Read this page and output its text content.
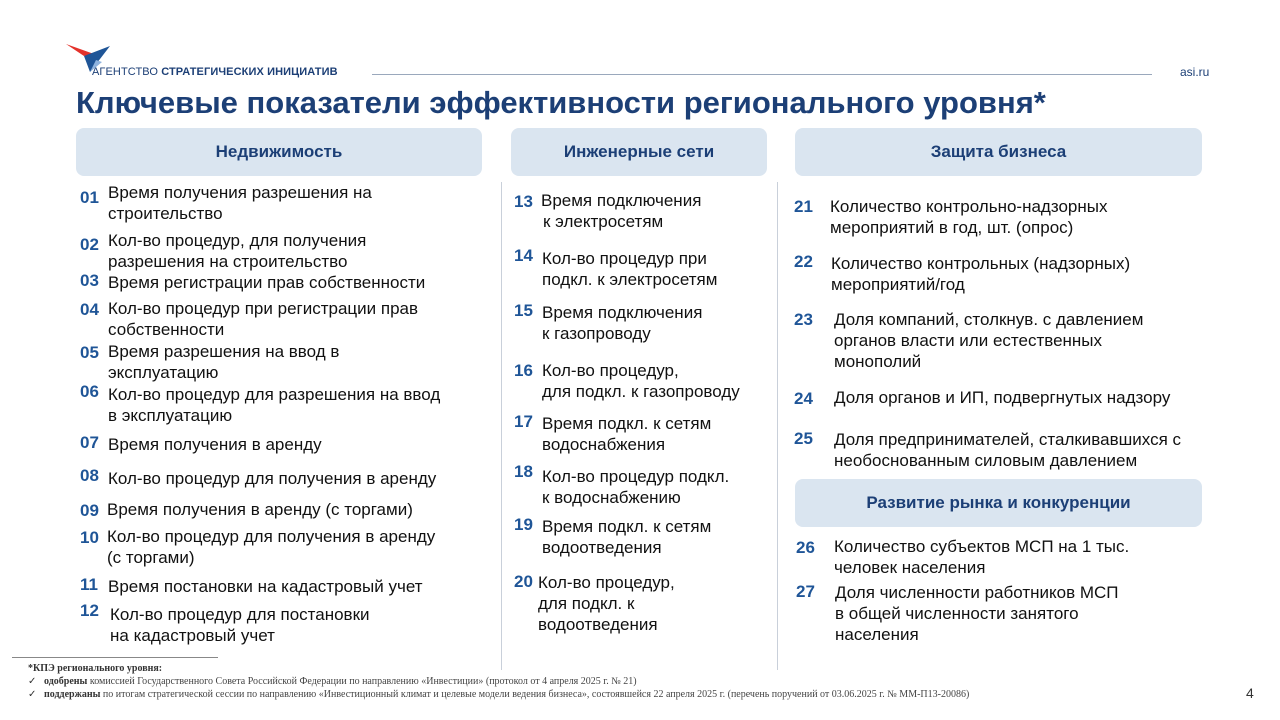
АГЕНТСТВО СТРАТЕГИЧЕСКИХ ИНИЦИАТИВ	asi.ru
Ключевые показатели эффективности регионального уровня*
Недвижимость	Инженерные сети	Защита бизнеса
Развитие рынка и конкуренции
01 Время получения разрешения на
строительство
02 Кол-во процедур, для получения
разрешения на строительство
03 Время регистрации прав собственности
04 Кол-во процедур при регистрации прав
собственности
05 Время разрешения на ввод в
эксплуатацию
06 Кол-во процедур для разрешения на ввод
в эксплуатацию
07 Время получения в аренду
08 Кол-во процедур для получения в аренду
09 Время получения в аренду (с торгами)
10 Кол-во процедур для получения в аренду
(с торгами)
11 Время постановки на кадастровый учет
12 Кол-во процедур для постановки
на кадастровый учет
13 Время подключения
к электросетям
14 Кол-во процедур при
подкл. к электросетям
15 Время подключения
к газопроводу
16 Кол-во процедур,
для подкл. к газопроводу
17 Время подкл. к сетям
водоснабжения
18 Кол-во процедур подкл.
к водоснабжению
19 Время подкл. к сетям
водоотведения
20 Кол-во процедур,
для подкл. к
водоотведения
21 Количество контрольно-надзорных
мероприятий в год, шт. (опрос)
22 Количество контрольных (надзорных)
мероприятий/год
23 Доля компаний, столкнув. с давлением
органов власти или естественных
монополий
24 Доля органов и ИП, подвергнутых надзору
25 Доля предпринимателей, сталкивавшихся с
необоснованным силовым давлением
26 Количество субъектов МСП на 1 тыс.
человек населения
27 Доля численности работников МСП
в общей численности занятого
населения
*КПЭ регионального уровня:
✓ одобрены комиссией Государственного Совета Российской Федерации по направлению «Инвестиции» (протокол от 4 апреля 2025 г. № 21)
✓ поддержаны по итогам стратегической сессии по направлению «Инвестиционный климат и целевые модели ведения бизнеса», состоявшейся 22 апреля 2025 г. (перечень поручений от 03.06.2025 г. № ММ-П13-20086)	4
